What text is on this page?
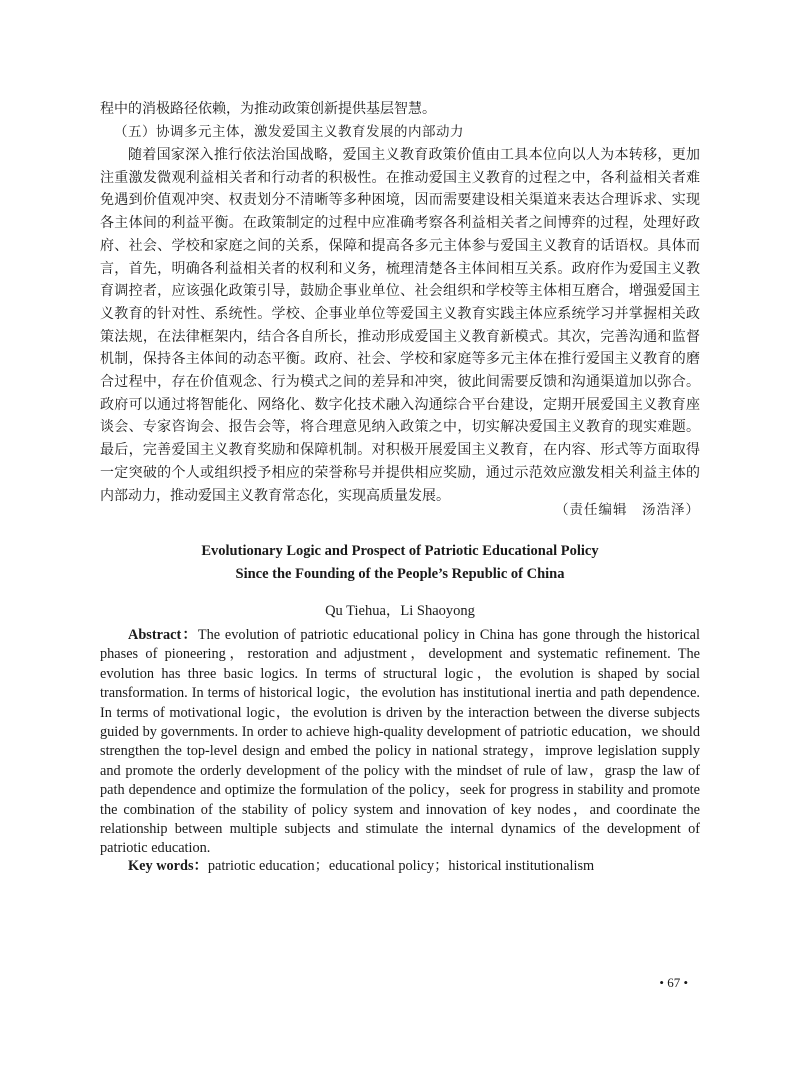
程中的消极路径依赖，为推动政策创新提供基层智慧。

（五）协调多元主体，激发爱国主义教育发展的内部动力

随着国家深入推行依法治国战略，爱国主义教育政策价值由工具本位向以人为本转移，更加注重激发微观利益相关者和行动者的积极性。在推动爱国主义教育的过程之中，各利益相关者难免遇到价值观冲突、权责划分不清晰等多种困境，因而需要建设相关渠道来表达合理诉求、实现各主体间的利益平衡。在政策制定的过程中应准确考察各利益相关者之间博弈的过程，处理好政府、社会、学校和家庭之间的关系，保障和提高各多元主体参与爱国主义教育的话语权。具体而言，首先，明确各利益相关者的权利和义务，梳理清楚各主体间相互关系。政府作为爱国主义教育调控者，应该强化政策引导，鼓励企事业单位、社会组织和学校等主体相互磨合，增强爱国主义教育的针对性、系统性。学校、企事业单位等爱国主义教育实践主体应系统学习并掌握相关政策法规，在法律框架内，结合各自所长，推动形成爱国主义教育新模式。其次，完善沟通和监督机制，保持各主体间的动态平衡。政府、社会、学校和家庭等多元主体在推行爱国主义教育的磨合过程中，存在价值观念、行为模式之间的差异和冲突，彼此间需要反馈和沟通渠道加以弥合。政府可以通过将智能化、网络化、数字化技术融入沟通综合平台建设，定期开展爱国主义教育座谈会、专家咨询会、报告会等，将合理意见纳入政策之中，切实解决爱国主义教育的现实难题。最后，完善爱国主义教育奖励和保障机制。对积极开展爱国主义教育，在内容、形式等方面取得一定突破的个人或组织授予相应的荣誉称号并提供相应奖励，通过示范效应激发相关利益主体的内部动力，推动爱国主义教育常态化，实现高质量发展。

（责任编辑　汤浩泽）
Evolutionary Logic and Prospect of Patriotic Educational Policy
Since the Founding of the People’s Republic of China
Qu Tiehua，Li Shaoyong

Abstract：The evolution of patriotic educational policy in China has gone through the historical phases of pioneering，restoration and adjustment，development and systematic refinement. The evolution has three basic logics. In terms of structural logic，the evolution is shaped by social transformation. In terms of historical logic，the evolution has institutional inertia and path dependence. In terms of motivational logic，the evolution is driven by the interaction between the diverse subjects guided by governments. In order to achieve high-quality development of patriotic education，we should strengthen the top-level design and embed the policy in national strategy，improve legislation supply and promote the orderly development of the policy with the mindset of rule of law，grasp the law of path dependence and optimize the formulation of the policy，seek for progress in stability and promote the combination of the stability of policy system and innovation of key nodes，and coordinate the relationship between multiple subjects and stimulate the internal dynamics of the development of patriotic education.

Key words：patriotic education；educational policy；historical institutionalism

• 67 •
